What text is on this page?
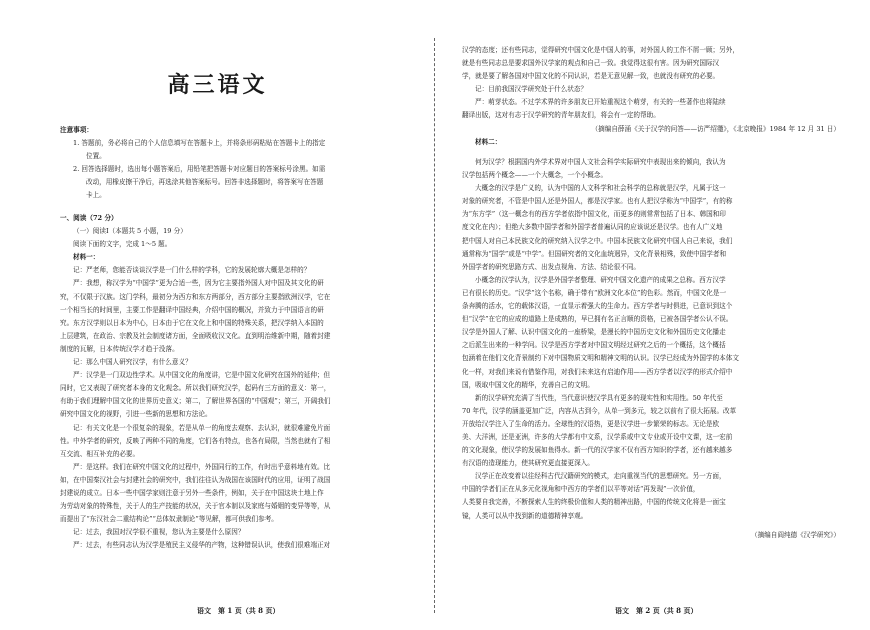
高三语文
注意事项：
1. 答题前，务必将自己的个人信息填写在答题卡上，并将条形码粘贴在答题卡上的指定
位置。
2. 回答选择题时，选出每小题答案后，用铅笔把答题卡对应题目的答案标号涂黑。如需
改动，用橡皮擦干净后，再选涂其他答案标号。回答非选择题时，将答案写在答题
卡上。
一、阅读（72 分）
（一）阅读Ⅰ（本题共 5 小题，19 分）
阅读下面的文字，完成 1～5 题。
材料一：
记：严老师，您能否谈谈汉学是一门什么样的学科，它的发展轮廓大概是怎样的？
严：我想，称汉学为“中国学”更为合适一些，因为它主要指外国人对中国及其文化的研
究，不仅限于汉族。这门学科，最初分为西方和东方两部分，西方部分主要指欧洲汉学，它在
一个相当长的时间里，主要工作是翻译中国经典，介绍中国的概况，并致力于中国语言的研
究。东方汉学则以日本为中心，日本由于它在文化上和中国的特殊关系，把汉学纳入本国的
上层建筑，在政治、宗教及社会制度诸方面，全面吸收汉文化。直到明治维新中期，随着封建
制度的瓦解，日本传统汉学才趋于没落。
记：那么中国人研究汉学，有什么意义？
严：汉学是一门双边性学术。从中国文化的角度讲，它是中国文化研究在国外的延伸；但
同时，它又表现了研究者本身的文化观念。所以我们研究汉学，起码有三方面的意义：第一，
有助于我们理解中国文化的世界历史意义；第二，了解世界各国的“中国观”；第三，开阔我们
研究中国文化的视野，引进一些新的思想和方法论。
记：有关文化是一个很复杂的现象，若是从单一的角度去观察、去认识，就很难避免片面
性。中外学者的研究，反映了两种不同的角度，它们各有特点，也各有局限，当然也就有了相
互交流、相互补充的必要。
严：是这样。我们在研究中国文化的过程中，外国同行的工作，有时出乎意料地有效。比
如，在中国秦汉社会与封建社会的研究中，我们往往认为战国在该国时代的应用，证明了战国
封建说的成立。日本一些中国学家则注意于另外一些条件，例如，关于在中国这块土地上作
为劳动对象的特殊性，关于人的生产技能的状况，关于官本制以及家庭与婚姻的变异等等，从
而提出了“东汉社会二重结构论”“总体奴隶制论”等见解，都可供我们参考。
记：过去，我国对汉学很不重视，您认为主要是什么原因？
严：过去，有些同志认为汉学是殖民主义侵华的产物，这种错误认识，使我们很难端正对
语文　第 1 页（共 8 页）
汉学的态度；还有些同志，觉得研究中国文化是中国人的事，对外国人的工作不屑一顾；另外，
就是有些同志总是要求国外汉学家的观点和自己一致。我觉得这很有害。因为研究国际汉
学，就是要了解各国对中国文化的不同认识，若是无意见解一致，也就没有研究的必要。
记：目前我国汉学研究处于什么状态？
严：萌芽状态。不过学术界的许多朋友已开始重视这个萌芽，有关的一些著作也将陆续
翻译出版，这对有志于汉学研究的青年朋友们，将会有一定的帮助。
（摘编自薛涌《关于汉学的问答——访严绍璗》，《北京晚报》1984 年 12 月 31 日）
材料二：
何为汉学？根据国内外学术界对中国人文社会科学实际研究中表现出来的倾向，我认为
汉学包括两个概念——一个大概念，一个小概念。
大概念的汉学是广义的，认为中国的人文科学和社会科学的总称就是汉学，凡属于这一
对象的研究者，不管是中国人还是外国人，都是汉学家。也有人把汉学称为“中国学”，有的称
为“东方学”（这一概念有的西方学者依指中国文化，而更多的则常常包括了日本、韩国和印
度文化在内）；但绝大多数中国学者和外国学者普遍认同的应该说还是汉学。也有人广义地
把中国人对自己本民族文化的研究纳入汉学之中。中国本民族文化研究中国人自己来说，我们
通常称为“国学”或是“中学”。但国研究者的文化血统迥异，文化背景相殊，致使中国学者和
外国学者的研究思路方式、出发点视角、方法、结论很不同。
小概念的汉学认为，汉学是外国学者整理、研究中国文化遗产的成果之总称。西方汉学
已有很长的历史。“汉学”这个名称，确于带有“欧洲文化本位”的色彩。然而，中国文化是一
条奔腾的活水，它的载体汉语，一直显示着强大的生命力。西方学者与时俱进，已意识到这个
但“汉学”在它的应成的道路上是成熟的，早已拥有名正言顺的资格，已被各国学者公认不误。
汉学是外国人了解、认识中国文化的一座桥梁，是漫长的中国历史文化和外国历史文化播走
之后派生出来的一种学问。汉学是西方学者对中国文明经过研究之后的一个概括，这个概括
包涵着在他们文化背景制约下对中国物质文明和精神文明的认识。汉学已经成为外国学的本体文
化一样，对我们来说有借鉴作用，对我们未来这有启迪作用——西方学者以汉学的形式介绍中
国，吸取中国文化的精华，充善自己的文明。
新的汉学研究充满了当代性，当代意识使汉学具有更多的现实性和实用性。50 年代至
70 年代，汉学的涵盖更加广泛，内容从古到今，从单一到多元，较之以前有了很大拓展。改革
开放给汉学注入了生命的活力。全球性的汉语热，更是汉学进一步繁荣的标志。无论是欧
美、大洋洲，还是亚洲，许多的大学都有中文系，汉学系或中文专业或开设中文课，这一宏前
的文化现象，使汉学的发展如鱼得水。新一代的汉学家不仅有西方知识的学者，还有越来越多
有汉语的造现能力，使其研究更直接更深入。
汉学正在改变着以往经科古代汉籍研究的模式，走向重视当代的思想研究。另一方面，
中国的学者们正在从多元化视角和中西方的学者们以平等对话“再发现”一次价值，
人类要自我完善，不断探索人生的终极价值和人类的精神出路，中国的传统文化将是一面宝
镜，人类可以从中找到新的道德精神享观。
（摘编自阎纯德《汉学研究》）
语文　第 2 页（共 8 页）
